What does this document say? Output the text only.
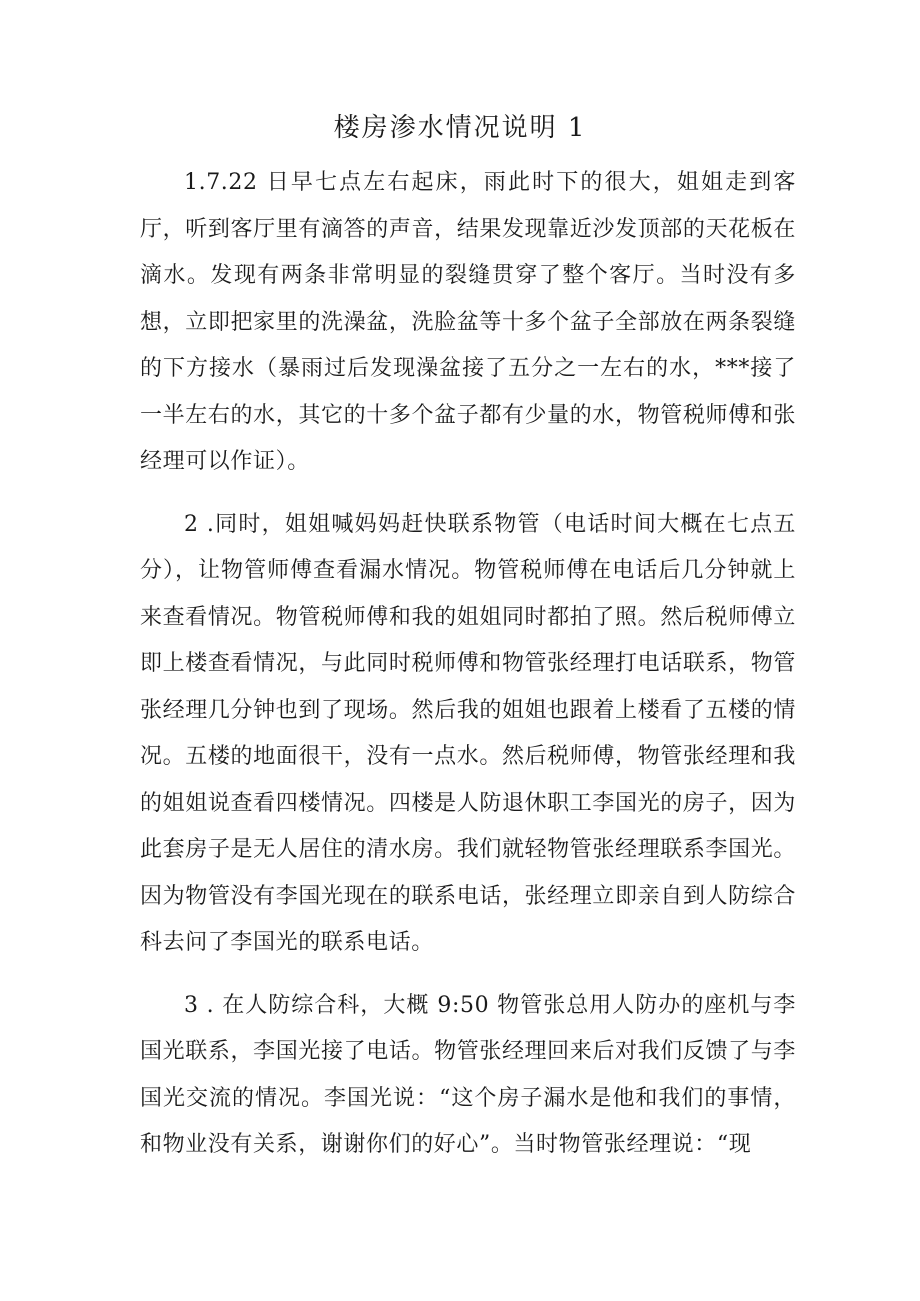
楼房渗水情况说明 1

1.7.22 日早七点左右起床，雨此时下的很大，姐姐走到客厅，听到客厅里有滴答的声音，结果发现靠近沙发顶部的天花板在滴水。发现有两条非常明显的裂缝贯穿了整个客厅。当时没有多想，立即把家里的洗澡盆，洗脸盆等十多个盆子全部放在两条裂缝的下方接水（暴雨过后发现澡盆接了五分之一左右的水，***接了一半左右的水，其它的十多个盆子都有少量的水，物管税师傅和张经理可以作证）。

2 .同时，姐姐喊妈妈赶快联系物管（电话时间大概在七点五分），让物管师傅查看漏水情况。物管税师傅在电话后几分钟就上来查看情况。物管税师傅和我的姐姐同时都拍了照。然后税师傅立即上楼查看情况，与此同时税师傅和物管张经理打电话联系，物管张经理几分钟也到了现场。然后我的姐姐也跟着上楼看了五楼的情况。五楼的地面很干，没有一点水。然后税师傅，物管张经理和我的姐姐说查看四楼情况。四楼是人防退休职工李国光的房子，因为此套房子是无人居住的清水房。我们就轻物管张经理联系李国光。因为物管没有李国光现在的联系电话，张经理立即亲自到人防综合科去问了李国光的联系电话。

3 . 在人防综合科，大概 9:50 物管张总用人防办的座机与李国光联系，李国光接了电话。物管张经理回来后对我们反馈了与李国光交流的情况。李国光说：“这个房子漏水是他和我们的事情，和物业没有关系，谢谢你们的好心”。当时物管张经理说：“现
